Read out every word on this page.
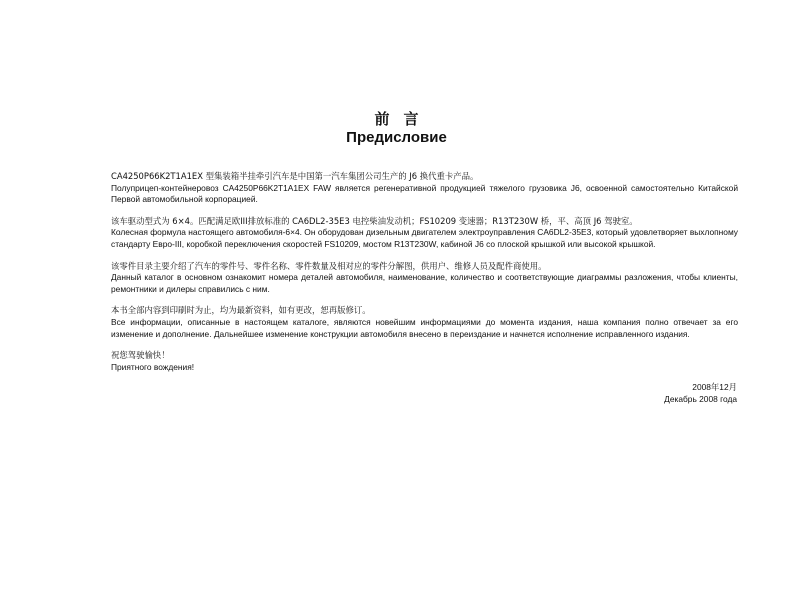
前言
Предисловие

CA4250P66K2T1A1EX 型集装箱半挂牵引汽车是中国第一汽车集团公司生产的 J6 换代重卡产品。
Полуприцеп-контейнеровоз CA4250P66K2T1A1EX FAW является регенеративной продукцией тяжелого грузовика J6, освоенной самостоятельно Китайской Первой автомобильной корпорацией.

该车驱动型式为 6×4。匹配满足欧III排放标准的 CA6DL2-35E3 电控柴油发动机；FS10209 变速器；R13T230W 桥，平、高顶 J6 驾驶室。
Колесная формула настоящего автомобиля-6×4. Он оборудован дизельным двигателем электроуправления CA6DL2-35E3, который удовлетворяет выхлопному стандарту Евро-III, коробкой переключения скоростей FS10209, мостом R13T230W, кабиной J6 со плоской крышкой или высокой крышкой.

该零件目录主要介绍了汽车的零件号、零件名称、零件数量及相对应的零件分解图，供用户、维修人员及配件商使用。
Данный каталог в основном ознакомит номера деталей автомобиля, наименование, количество и соответствующие диаграммы разложения, чтобы клиенты, ремонтники и дилеры справились с ним.

本书全部内容到印刷时为止，均为最新资料，如有更改，恕再版修订。
Все информации, описанные в настоящем каталоге, являются новейшим информациями до момента издания, наша компания полно отвечает за его изменение и дополнение. Дальнейшее изменение конструкции автомобиля внесено в переиздание и начнется исполнение исправленного издания.

祝您驾驶愉快！
Приятного вождения!

2008年12月
Декабрь 2008 года
